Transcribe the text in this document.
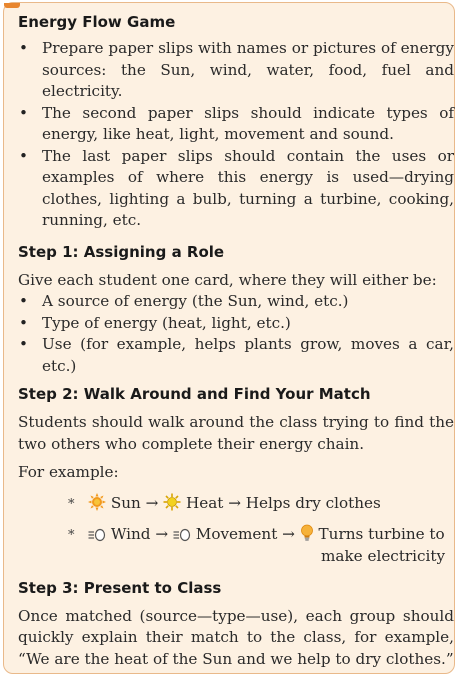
Energy Flow Game
• Prepare paper slips with names or pictures of energy sources: the Sun, wind, water, food, fuel and electricity.
• The second paper slips should indicate types of energy, like heat, light, movement and sound.
• The last paper slips should contain the uses or examples of where this energy is used—drying clothes, lighting a bulb, turning a turbine, cooking, running, etc.
Step 1: Assigning a Role

Give each student one card, where they will either be:

• A source of energy (the Sun, wind, etc.)
• Type of energy (heat, light, etc.)
• Use (for example, helps plants grow, moves a car, etc.)
Step 2: Walk Around and Find Your Match

Students should walk around the class trying to find the two others who complete their energy chain.

For example:

*	Sun → Heat → Helps dry clothes
*	Wind → Movement → Turns turbine to
make electricity
Step 3: Present to Class

Once matched (source—type—use), each group should quickly explain their match to the class, for example, “We are the heat of the Sun and we help to dry clothes.”
